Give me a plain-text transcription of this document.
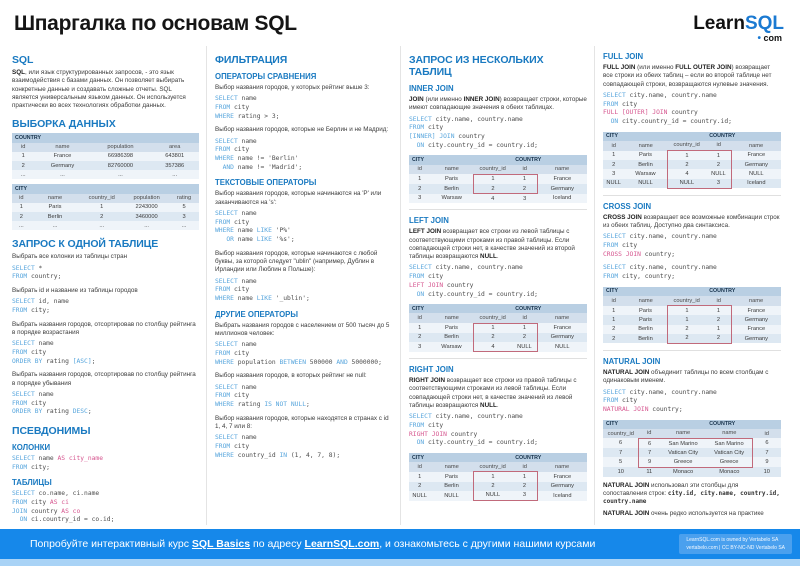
Шпаргалка по основам SQL	LearnSQL
• com
SQL
SQL, или язык структурированных запросов, - это язык взаимодействия с базами данных. Он позволяет выбирать конкретные данные и создавать сложные отчеты. SQL является универсальным языком данных. Он используется практически во всех технологиях обработки данных.
ВЫБОРКА ДАННЫХ
COUNTRY			
id	name	population	area
1	France	66986398	643801
2	Germany	82760000	357386
...	...	...	...
CITY				
id	name	country_id	population	rating
1	Paris	1	2243000	5
2	Berlin	2	3460000	3
...	...	...	...	...
ЗАПРОС К ОДНОЙ ТАБЛИЦЕ
Выбрать все колонки из таблицы стран
SELECT *
FROM country;
Выбрать id и название из таблицы городов
SELECT id, name
FROM city;
Выбрать названия городов, отсортировав по столбцу рейтинга в порядке возрастания
SELECT name
FROM city
ORDER BY rating [ASC];
Выбрать названия городов, отсортировав по столбцу рейтинга в порядке убывания
SELECT name
FROM city
ORDER BY rating DESC;
ПСЕВДОНИМЫ
КОЛОНКИ
SELECT name AS city_name
FROM city;
ТАБЛИЦЫ
SELECT co.name, ci.name
FROM city AS ci
JOIN country AS co
ON ci.country_id = co.id;
ФИЛЬТРАЦИЯ
ОПЕРАТОРЫ СРАВНЕНИЯ
Выбор названия городов, у которых рейтинг выше 3:
SELECT name
FROM city
WHERE rating > 3;
Выбор названия городов, которые не Берлин и не Мадрид:
SELECT name
FROM city
WHERE name != 'Berlin'
AND name != 'Madrid';
ТЕКСТОВЫЕ ОПЕРАТОРЫ
Выбор названия городов, которые начинаются на 'P' или заканчиваются на 's':
SELECT name
FROM city
WHERE name LIKE 'P%'
OR name LIKE '%s';
Выбор названия городов, которые начинаются с любой буквы, за которой следует "ublin" (например, Дублин в Ирландии или Люблин в Польше):
SELECT name
FROM city
WHERE name LIKE '_ublin';
ДРУГИЕ ОПЕРАТОРЫ
Выбрать названия городов с населением от 500 тысяч до 5 миллионов человек:
SELECT name
FROM city
WHERE population BETWEEN 500000 AND 5000000;
Выбор названия городов, в которых рейтинг не null:
SELECT name
FROM city
WHERE rating IS NOT NULL;
Выбор названия городов, которые находятся в странах с id 1, 4, 7 или 8:
SELECT name
FROM city
WHERE country_id IN (1, 4, 7, 8);
ЗАПРОС ИЗ НЕСКОЛЬКИХ ТАБЛИЦ
INNER JOIN
JOIN (или именно INNER JOIN) возвращает строки, которые имеют совпадающие значения в обеих таблицах.
SELECT city.name, country.name
FROM city
[INNER] JOIN country
ON city.country_id = country.id;
CITY			COUNTRY	
id	name	country_id	id	name
1	Paris	1	1	France
2	Berlin	2	2	Germany
3	Warsaw	4	3	Iceland
LEFT JOIN
LEFT JOIN возвращает все строки из левой таблицы с соответствующими строками из правой таблицы. Если совпадающей строки нет, в качестве значений из второй таблицы возвращаются NULL.
SELECT city.name, country.name
FROM city
LEFT JOIN country
ON city.country_id = country.id;
CITY			COUNTRY	
id	name	country_id	id	name
1	Paris	1	1	France
2	Berlin	2	2	Germany
3	Warsaw	4	NULL	NULL
RIGHT JOIN
RIGHT JOIN возвращает все строки из правой таблицы с соответствующими строками из левой таблицы. Если совпадающей строки нет, в качестве значений из левой таблицы возвращаются NULL.
SELECT city.name, country.name
FROM city
RIGHT JOIN country
ON city.country_id = country.id;
CITY			COUNTRY	
id	name	country_id	id	name
1	Paris	1	1	France
2	Berlin	2	2	Germany
NULL	NULL	NULL	3	Iceland
FULL JOIN
FULL JOIN (или именно FULL OUTER JOIN) возвращает все строки из обеих таблиц – если во второй таблице нет совпадающей строки, возвращаются нулевые значения.
SELECT city.name, country.name
FROM city
FULL [OUTER] JOIN country
ON city.country_id = country.id;
CITY			COUNTRY	
id	name	country_id	id	name
1	Paris	1	1	France
2	Berlin	2	2	Germany
3	Warsaw	4	NULL	NULL
NULL	NULL	NULL	3	Iceland
CROSS JOIN
CROSS JOIN возвращает все возможные комбинации строк из обеих таблиц. Доступно два синтаксиса.
SELECT city.name, country.name
FROM city
CROSS JOIN country;
SELECT city.name, country.name
FROM city, country;
CITY			COUNTRY	
id	name	country_id	id	name
1	Paris	1	1	France
1	Paris	1	2	Germany
2	Berlin	2	1	France
2	Berlin	2	2	Germany
NATURAL JOIN
NATURAL JOIN объединит таблицы по всем столбцам с одинаковым именем.
SELECT city.name, country.name
FROM city
NATURAL JOIN country;
CITY			COUNTRY	
country_id	id	name	name	id
6	6	San Marino	San Marino	6
7	7	Vatican City	Vatican City	7
5	9	Greece	Greece	9
10	11	Monaco	Monaco	10
NATURAL JOIN использовал эти столбцы для сопоставления строк: city.id, city.name, country.id, country.name
NATURAL JOIN очень редко используется на практике
Попробуйте интерактивный курс SQL Basics по адресу LearnSQL.com, и ознакомьтесь с другими нашими курсами	LearnSQL.com is owned by Vertabelo SA
vertabelo.com | CC BY-NC-ND Vertabelo SA
